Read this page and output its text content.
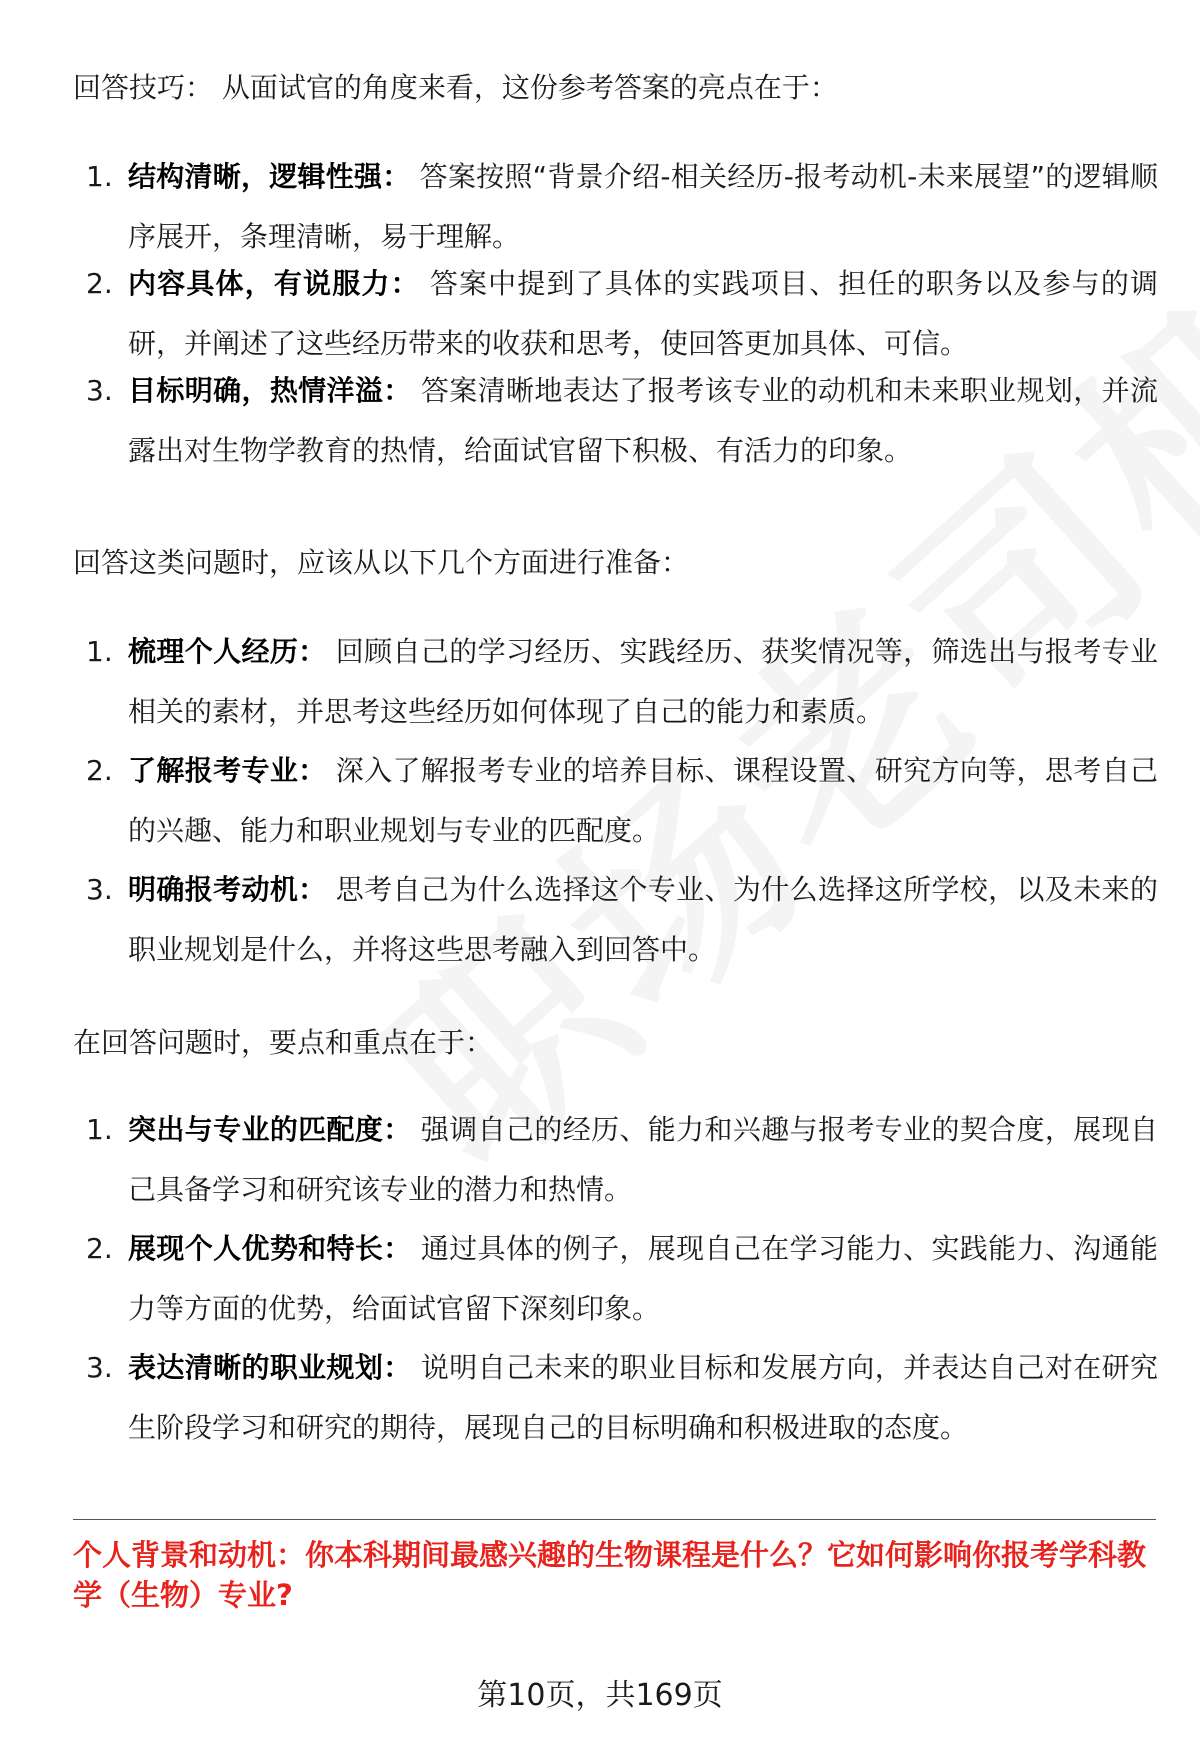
回答技巧： 从面试官的角度来看，这份参考答案的亮点在于：
1. 结构清晰，逻辑性强： 答案按照“背景介绍-相关经历-报考动机-未来展望”的逻辑顺序展开，条理清晰，易于理解。
2. 内容具体，有说服力： 答案中提到了具体的实践项目、担任的职务以及参与的调研，并阐述了这些经历带来的收获和思考，使回答更加具体、可信。
3. 目标明确，热情洋溢： 答案清晰地表达了报考该专业的动机和未来职业规划，并流露出对生物学教育的热情，给面试官留下积极、有活力的印象。
回答这类问题时，应该从以下几个方面进行准备：
1. 梳理个人经历： 回顾自己的学习经历、实践经历、获奖情况等，筛选出与报考专业相关的素材，并思考这些经历如何体现了自己的能力和素质。
2. 了解报考专业： 深入了解报考专业的培养目标、课程设置、研究方向等，思考自己的兴趣、能力和职业规划与专业的匹配度。
3. 明确报考动机： 思考自己为什么选择这个专业、为什么选择这所学校，以及未来的职业规划是什么，并将这些思考融入到回答中。
在回答问题时，要点和重点在于：
1. 突出与专业的匹配度： 强调自己的经历、能力和兴趣与报考专业的契合度，展现自己具备学习和研究该专业的潜力和热情。
2. 展现个人优势和特长： 通过具体的例子，展现自己在学习能力、实践能力、沟通能力等方面的优势，给面试官留下深刻印象。
3. 表达清晰的职业规划： 说明自己未来的职业目标和发展方向，并表达自己对在研究生阶段学习和研究的期待，展现自己的目标明确和积极进取的态度。
个人背景和动机：你本科期间最感兴趣的生物课程是什么？它如何影响你报考学科教学（生物）专业?
第10页，共169页
